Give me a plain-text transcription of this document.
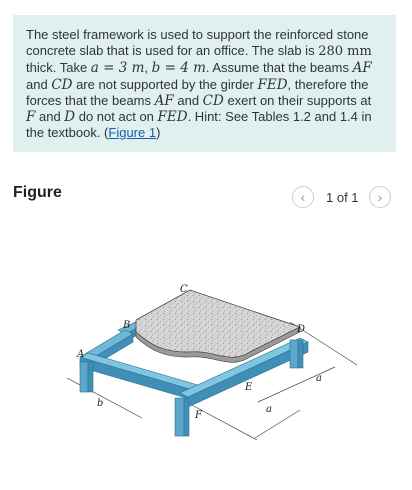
The steel framework is used to support the reinforced stone concrete slab that is used for an office. The slab is 280 mm thick. Take a = 3 m, b = 4 m. Assume that the beams AF and CD are not supported by the girder FED, therefore the forces that the beams AF and CD exert on their supports at F and D do not act on FED. Hint: See Tables 1.2 and 1.4 in the textbook. (Figure 1)
Figure	‹ 1 of 1 ›
C
B
A
D
E
F
a
a
b
